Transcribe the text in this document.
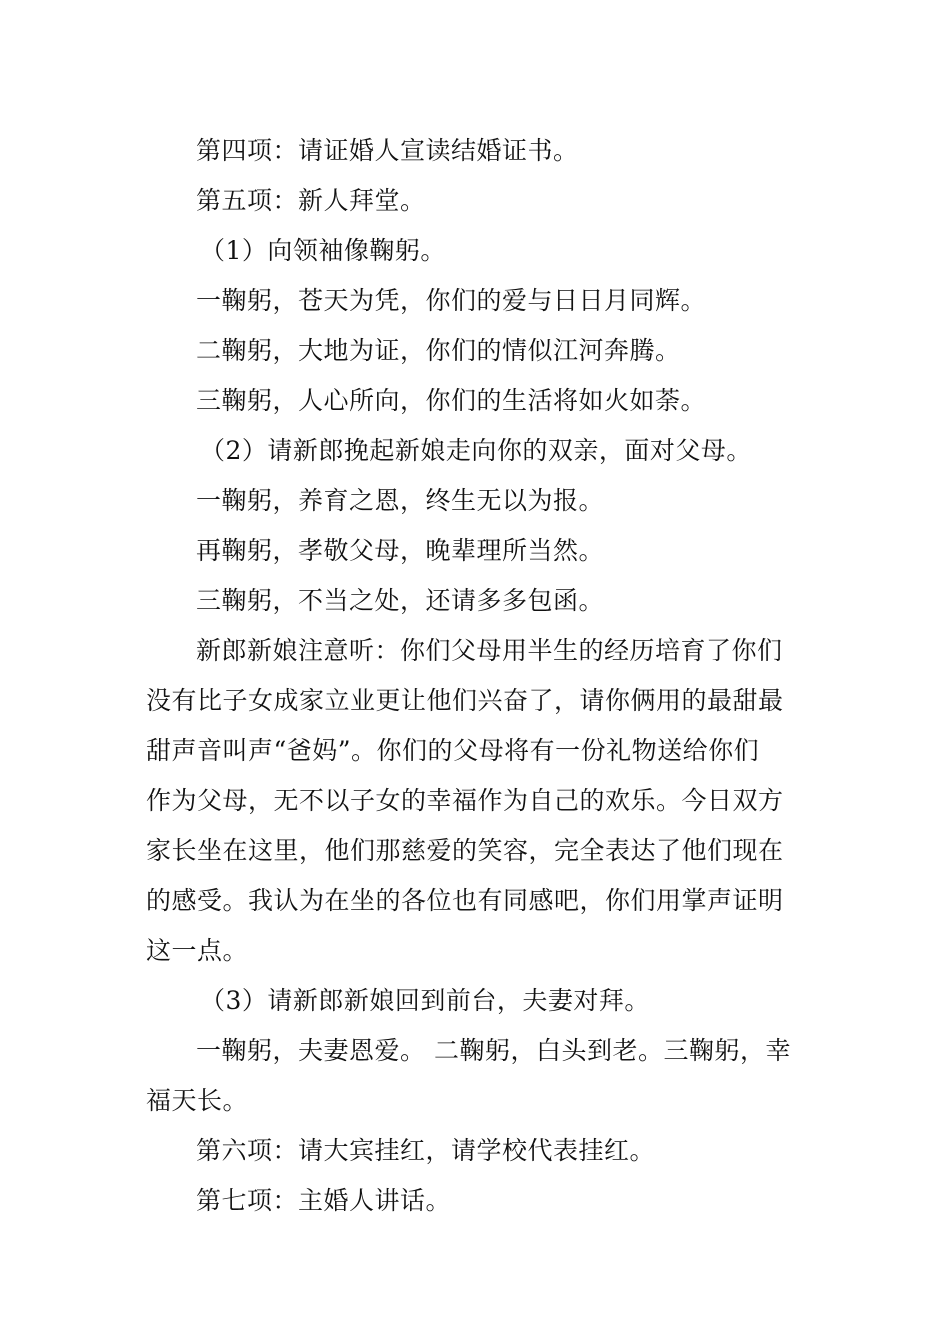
第四项：请证婚人宣读结婚证书。
第五项：新人拜堂。
（1）向领袖像鞠躬。
一鞠躬，苍天为凭，你们的爱与日日月同辉。
二鞠躬，大地为证，你们的情似江河奔腾。
三鞠躬，人心所向，你们的生活将如火如荼。
（2）请新郎挽起新娘走向你的双亲，面对父母。
一鞠躬，养育之恩，终生无以为报。
再鞠躬，孝敬父母，晚辈理所当然。
三鞠躬，不当之处，还请多多包函。
新郎新娘注意听：你们父母用半生的经历培育了你们
没有比子女成家立业更让他们兴奋了，请你俩用的最甜最
甜声音叫声“爸妈”。你们的父母将有一份礼物送给你们
作为父母，无不以子女的幸福作为自己的欢乐。今日双方
家长坐在这里，他们那慈爱的笑容，完全表达了他们现在
的感受。我认为在坐的各位也有同感吧，你们用掌声证明
这一点。
（3）请新郎新娘回到前台，夫妻对拜。
一鞠躬，夫妻恩爱。 二鞠躬，白头到老。三鞠躬，幸
福天长。
第六项：请大宾挂红，请学校代表挂红。
第七项：主婚人讲话。
